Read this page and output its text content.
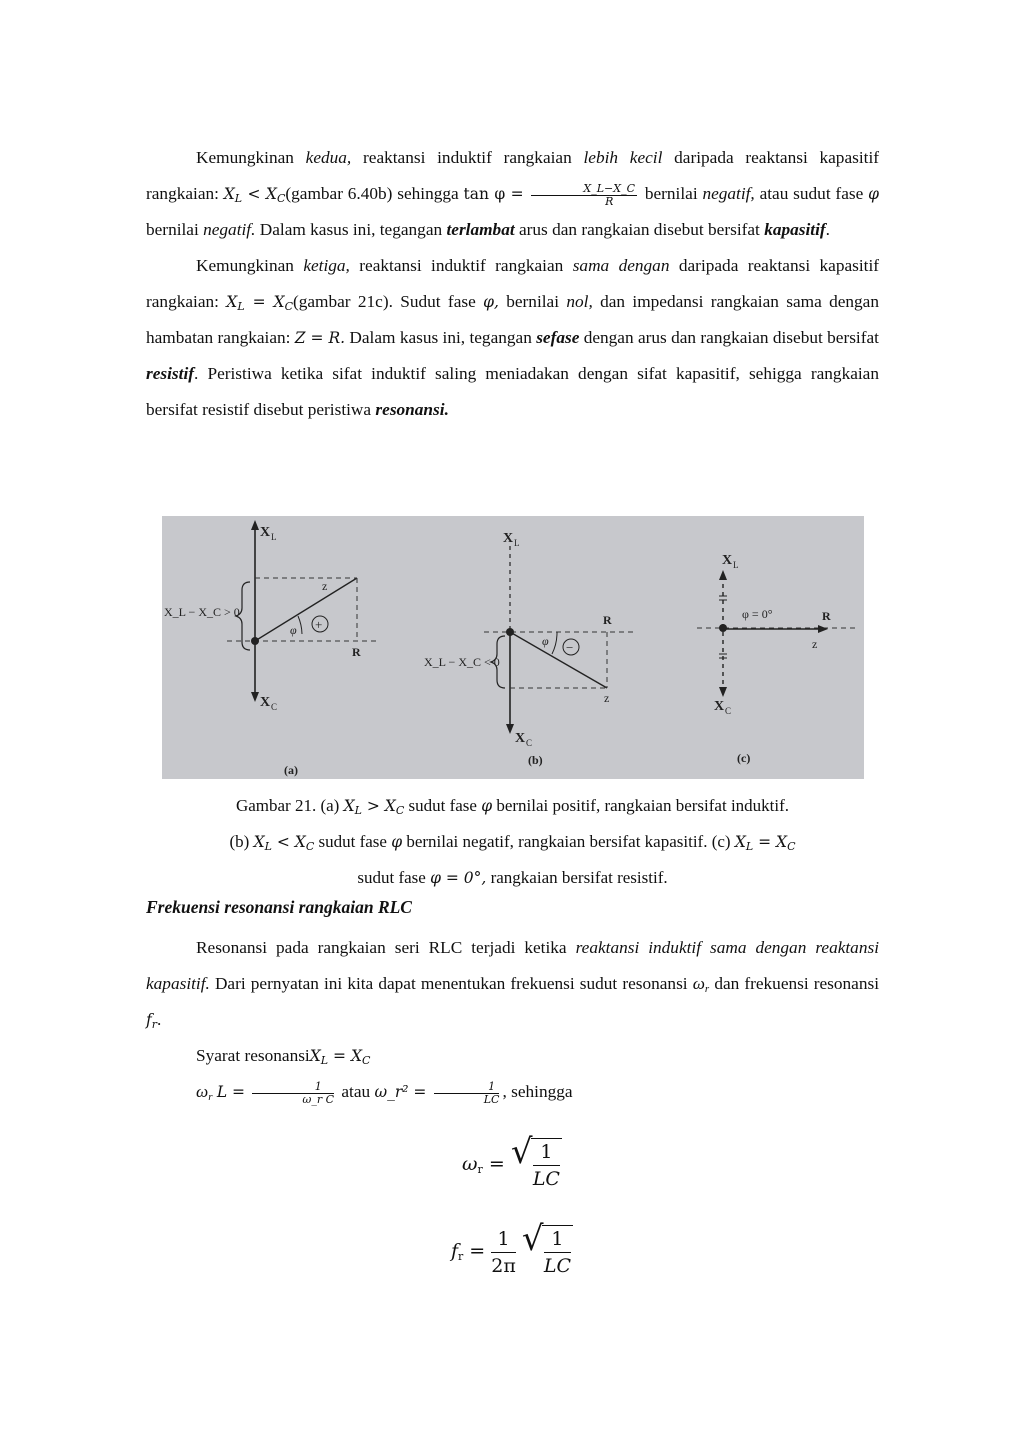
Kemungkinan kedua, reaktansi induktif rangkaian lebih kecil daripada reaktansi kapasitif rangkaian: $X_L$ < $X_C(gambar$ 6.40b) sehingga $\tan \varphi = \frac{X\_L-X\_C}{R}$ bernilai negatif, atau sudut fase φ bernilai negatif. Dalam kasus ini, tegangan terlambat arus dan rangkaian disebut bersifat kapasitif.

Kemungkinan ketiga, reaktansi induktif rangkaian sama dengan daripada reaktansi kapasitif rangkaian: $X_L$ = $X_C(gambar$ 21c). Sudut fase φ, bernilai nol, dan impedansi rangkaian sama dengan hambatan rangkaian: Z = R. Dalam kasus ini, tegangan sefase dengan arus dan rangkaian disebut bersifat resistif. Peristiwa ketika sifat induktif saling meniadakan dengan sifat kapasitif, sehigga rangkaian bersifat resistif disebut peristiwa resonansi.

X L
X C
X_L − X_C > 0
z
R
φ +
(a)
X L
X C
X_L − X_C < 0
z
R
φ −
(b)
X L
X C
φ = 0°
z
R
(c)
Gambar 21. (a) $X_L > X_C$ sudut fase φ bernilai positif, rangkaian bersifat induktif.
(b) $X_L < X_C$ sudut fase φ bernilai negatif, rangkaian bersifat kapasitif. (c) $X_L = X_C$
sudut fase φ = 0°, rangkaian bersifat resistif.
Frekuensi resonansi rangkaian RLC

Resonansi pada rangkaian seri RLC terjadi ketika reaktansi induktif sama dengan reaktansi kapasitif. Dari pernyatan ini kita dapat menentukan frekuensi sudut resonansi $\omega_r$ dan frekuensi resonansi $f_r$.

Syarat resonansiX$_L$ = $X_C$

$\omega_r$ $L = \frac{1}{\text{ω\_r C}}$ atau ω_r² = $\frac{1}{LC}$ , sehingga

$\omega_r$ = √ $\frac{1}{LC}$
$f_r = \frac{1}{2\pi}$
√ $\frac{1}{LC}$
